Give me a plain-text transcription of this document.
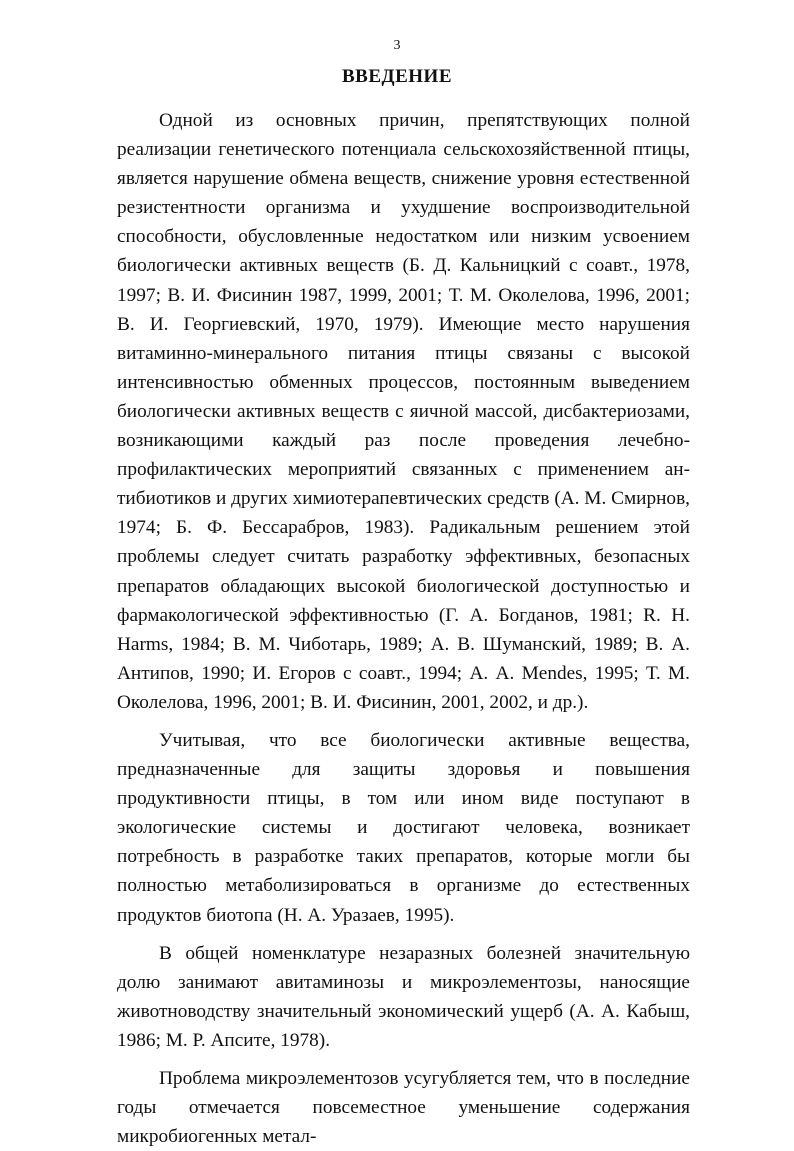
3
ВВЕДЕНИЕ

Одной из основных причин, препятствующих полной реализации генетического потенциала сельскохозяйственной птицы, является нарушение обмена веществ, снижение уровня естественной резистентности организма и ухудшение воспроизводительной способности, обусловленные недостатком или низким усвоением биологически активных веществ (Б. Д. Кальницкий с соавт., 1978, 1997; В. И. Фисинин 1987, 1999, 2001; Т. М. Околелова, 1996, 2001; В. И. Георгиевский, 1970, 1979). Имеющие место нарушения витаминно-минерального питания птицы связаны с высокой интенсивностью обменных процессов, постоянным выведением биологически активных веществ с яичной массой, дисбактериозами, возникающими каждый раз после проведения лечебно-профилактических мероприятий связанных с применением антибиотиков и других химиотерапевтических средств (А. М. Смирнов, 1974; Б. Ф. Бессарабров, 1983). Радикальным решением этой проблемы следует считать разработку эффективных, безопасных препаратов обладающих высокой биологической доступностью и фармакологической эффективностью (Г. А. Богданов, 1981; R. H. Harms, 1984; В. М. Чиботарь, 1989; А. В. Шуманский, 1989; В. А. Антипов, 1990; И. Егоров с соавт., 1994; А. A. Mendes, 1995; Т. М. Околелова, 1996, 2001; В. И. Фисинин, 2001, 2002, и др.).

Учитывая, что все биологически активные вещества, предназначенные для защиты здоровья и повышения продуктивности птицы, в том или ином виде поступают в экологические системы и достигают человека, возникает потребность в разработке таких препаратов, которые могли бы полностью метаболизироваться в организме до естественных продуктов биотопа (Н. А. Уразаев, 1995).

В общей номенклатуре незаразных болезней значительную долю занимают авитаминозы и микроэлементозы, наносящие животноводству значительный экономический ущерб (А. А. Кабыш, 1986; М. Р. Апсите, 1978).

Проблема микроэлементозов усугубляется тем, что в последние годы отмечается повсеместное уменьшение содержания микробиогенных метал-
